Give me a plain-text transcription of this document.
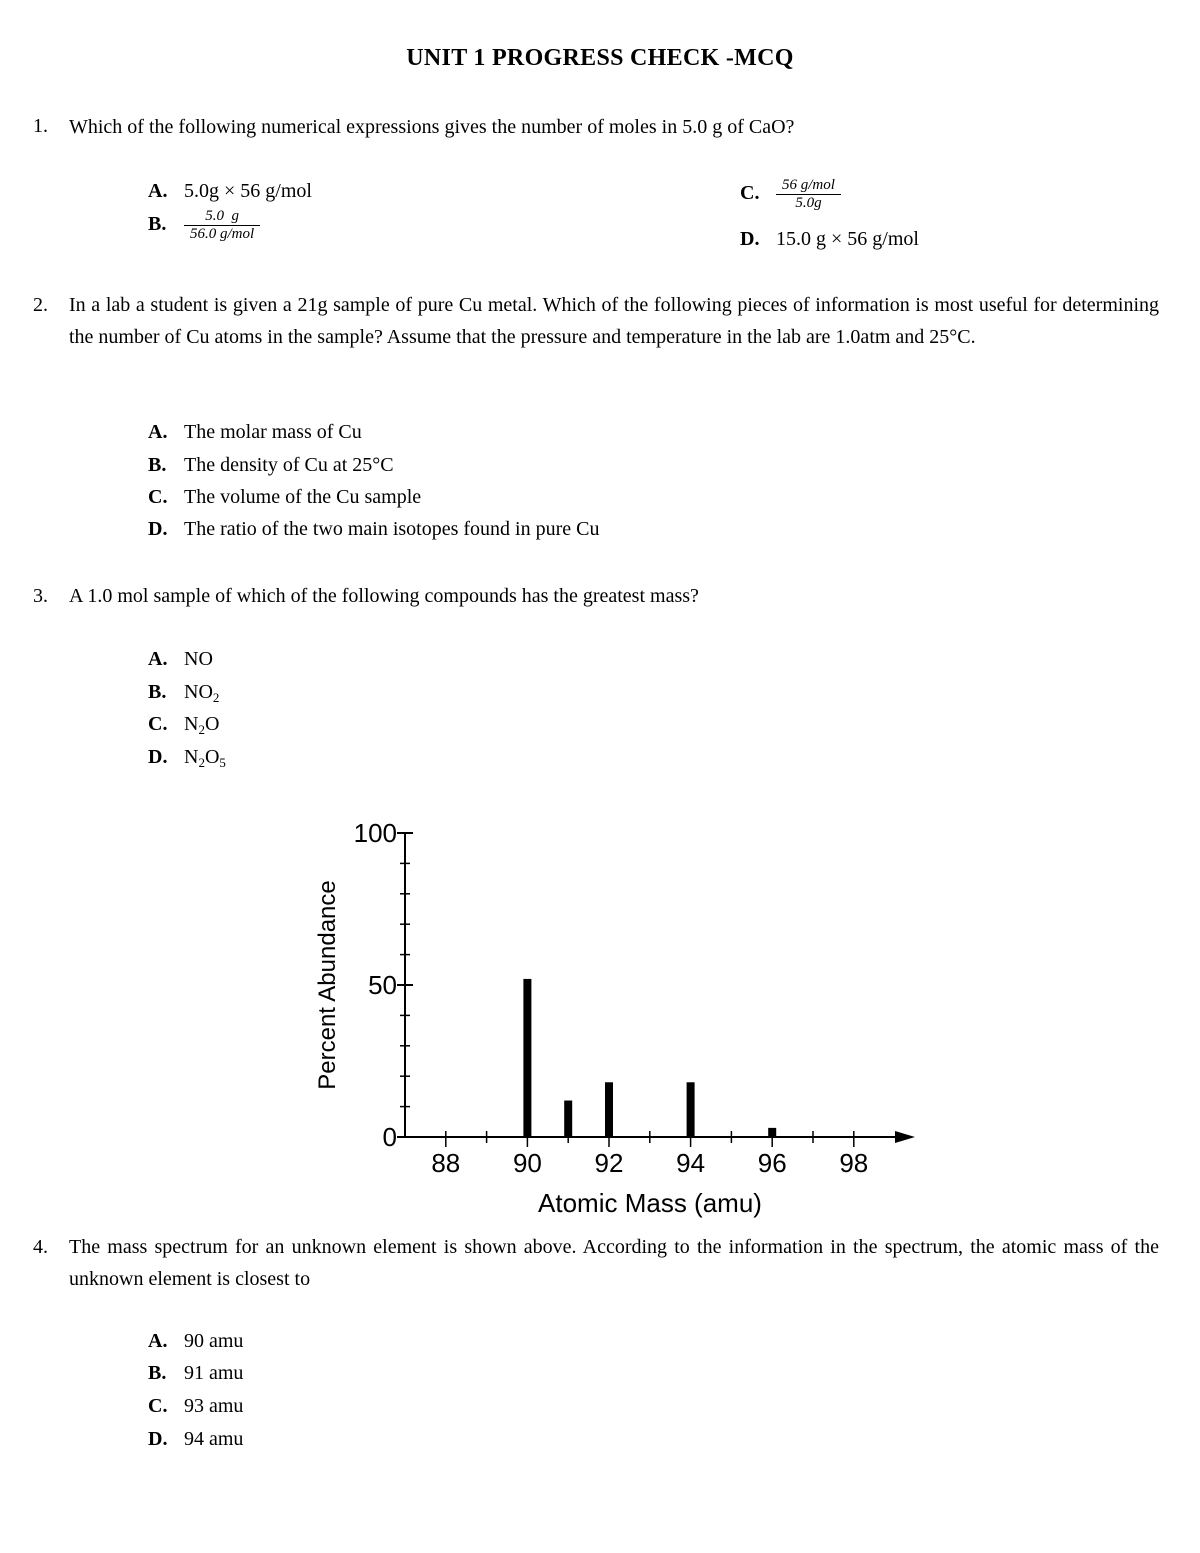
UNIT 1 PROGRESS CHECK -MCQ
1. Which of the following numerical expressions gives the number of moles in 5.0 g of CaO?
A. 5.0g × 56 g/mol
B. $\frac{5.0 g}{\text{56.0 g/mol}}$
C. $\frac{\text{56 g/mol}}{5.0g}$
D. 15.0 g × 56 g/mol
2. In a lab a student is given a 21g sample of pure Cu metal. Which of the following pieces of information is most useful for determining the number of Cu atoms in the sample? Assume that the pressure and temperature in the lab are 1.0atm and 25°C.
A. The molar mass of Cu
B. The density of Cu at 25°C
C. The volume of the Cu sample
D. The ratio of the two main isotopes found in pure Cu
3. A 1.0 mol sample of which of the following compounds has the greatest mass?
A. NO
B. $NO_2$
C. $N_2O$
D. $N_2O_5$
0
50
100
88 90 92 94 96 98
Atomic Mass (amu)
Percent Abundance
4. The mass spectrum for an unknown element is shown above. According to the information in the spectrum, the atomic mass of the unknown element is closest to
A. 90 amu
B. 91 amu
C. 93 amu
D. 94 amu
